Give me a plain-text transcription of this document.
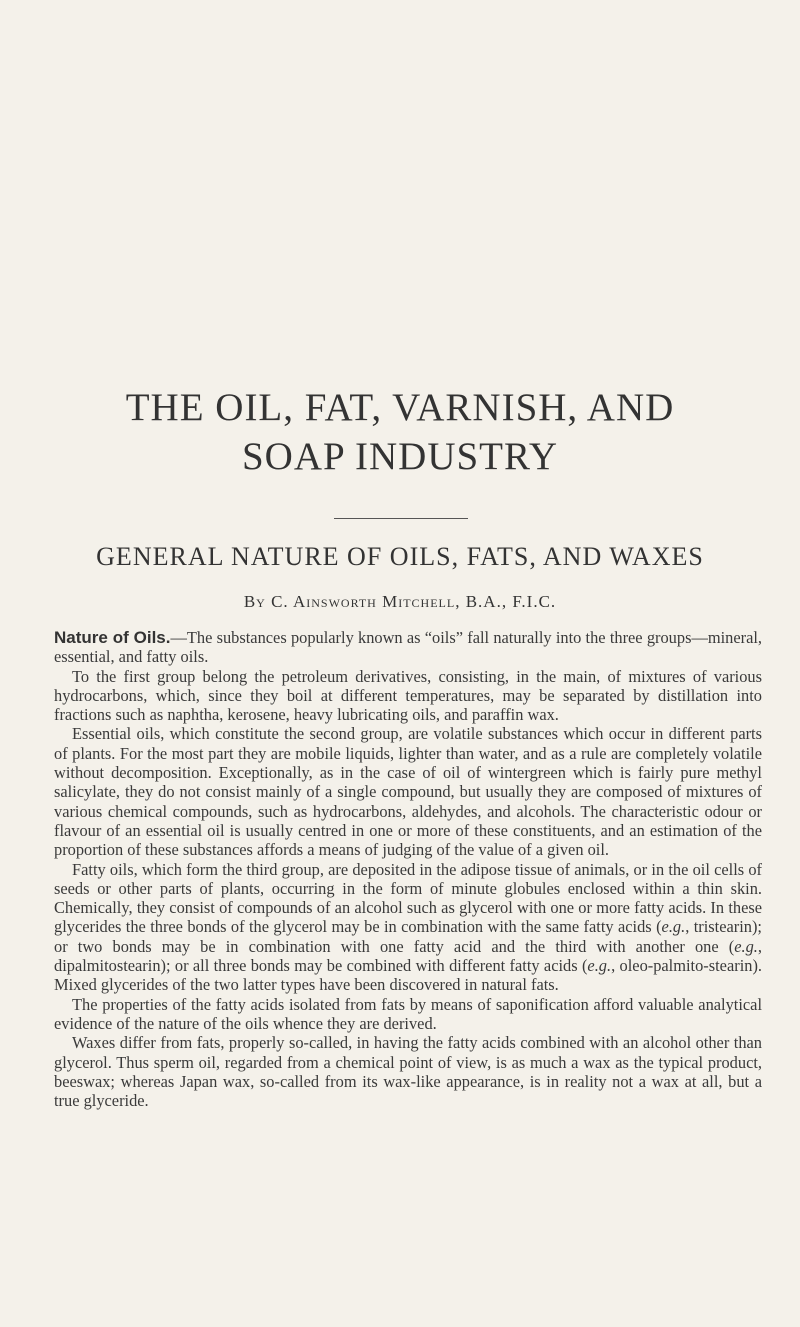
THE OIL, FAT, VARNISH, AND
SOAP INDUSTRY
GENERAL NATURE OF OILS, FATS, AND WAXES
By C. Ainsworth Mitchell, B.A., F.I.C.

Nature of Oils.—The substances popularly known as “oils” fall naturally into the three groups—mineral, essential, and fatty oils.

To the first group belong the petroleum derivatives, consisting, in the main, of mixtures of various hydrocarbons, which, since they boil at different temperatures, may be separated by distillation into fractions such as naphtha, kerosene, heavy lubricating oils, and paraffin wax.

Essential oils, which constitute the second group, are volatile substances which occur in different parts of plants. For the most part they are mobile liquids, lighter than water, and as a rule are completely volatile without decomposition. Exceptionally, as in the case of oil of wintergreen which is fairly pure methyl salicylate, they do not consist mainly of a single compound, but usually they are composed of mixtures of various chemical compounds, such as hydrocarbons, aldehydes, and alcohols. The characteristic odour or flavour of an essential oil is usually centred in one or more of these constituents, and an estimation of the proportion of these substances affords a means of judging of the value of a given oil.

Fatty oils, which form the third group, are deposited in the adipose tissue of animals, or in the oil cells of seeds or other parts of plants, occurring in the form of minute globules enclosed within a thin skin. Chemically, they consist of compounds of an alcohol such as glycerol with one or more fatty acids. In these glycerides the three bonds of the glycerol may be in combination with the same fatty acids (e.g., tristearin); or two bonds may be in combination with one fatty acid and the third with another one (e.g., dipalmitostearin); or all three bonds may be combined with different fatty acids (e.g., oleo-palmito-stearin). Mixed glycerides of the two latter types have been discovered in natural fats.

The properties of the fatty acids isolated from fats by means of saponification afford valuable analytical evidence of the nature of the oils whence they are derived.

Waxes differ from fats, properly so-called, in having the fatty acids combined with an alcohol other than glycerol. Thus sperm oil, regarded from a chemical point of view, is as much a wax as the typical product, beeswax; whereas Japan wax, so-called from its wax-like appearance, is in reality not a wax at all, but a true glyceride.
